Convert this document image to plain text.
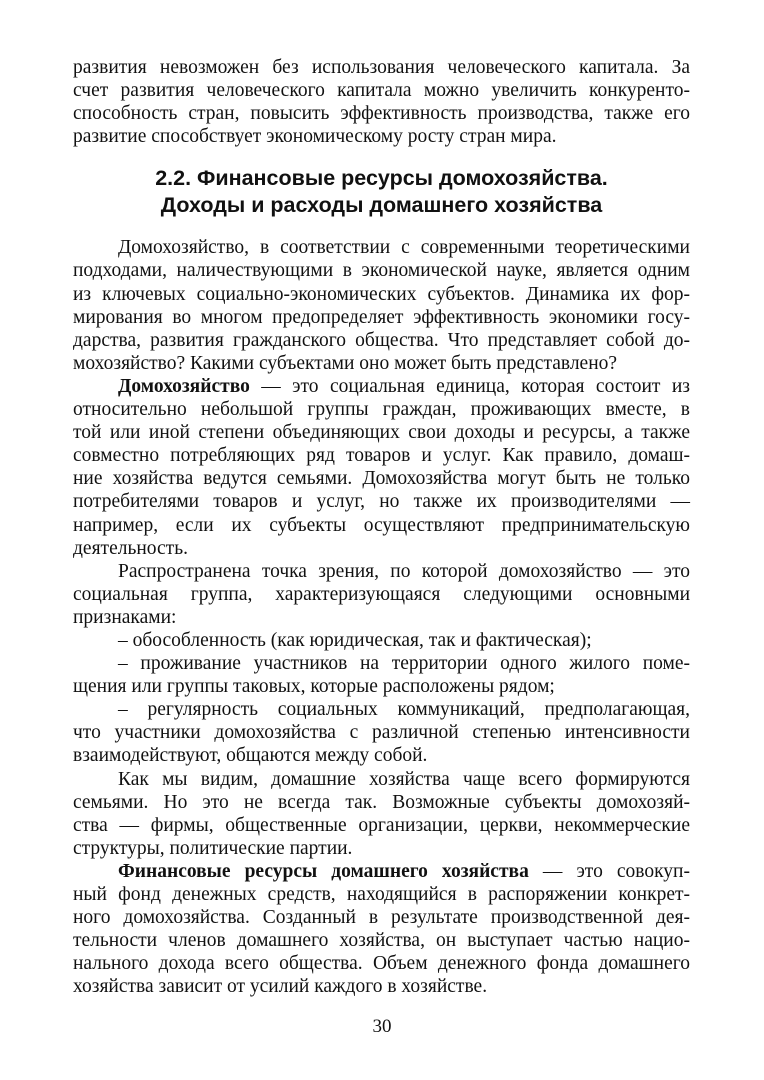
развития невозможен без использования человеческого капитала. За
счет развития человеческого капитала можно увеличить конкуренто-
способность стран, повысить эффективность производства, также его
развитие способствует экономическому росту стран мира.
2.2. Финансовые ресурсы домохозяйства.
Доходы и расходы домашнего хозяйства
Домохозяйство, в соответствии с современными теоретическими
подходами, наличествующими в экономической науке, является одним
из ключевых социально-экономических субъектов. Динамика их фор-
мирования во многом предопределяет эффективность экономики госу-
дарства, развития гражданского общества. Что представляет собой до-
мохозяйство? Какими субъектами оно может быть представлено?
Домохозяйство — это социальная единица, которая состоит из
относительно небольшой группы граждан, проживающих вместе, в
той или иной степени объединяющих свои доходы и ресурсы, а также
совместно потребляющих ряд товаров и услуг. Как правило, домаш-
ние хозяйства ведутся семьями. Домохозяйства могут быть не только
потребителями товаров и услуг, но также их производителями —
например, если их субъекты осуществляют предпринимательскую
деятельность.
Распространена точка зрения, по которой домохозяйство — это
социальная группа, характеризующаяся следующими основными
признаками:
– обособленность (как юридическая, так и фактическая);
– проживание участников на территории одного жилого поме-
щения или группы таковых, которые расположены рядом;
– регулярность социальных коммуникаций, предполагающая,
что участники домохозяйства с различной степенью интенсивности
взаимодействуют, общаются между собой.
Как мы видим, домашние хозяйства чаще всего формируются
семьями. Но это не всегда так. Возможные субъекты домохозяй-
ства — фирмы, общественные организации, церкви, некоммерческие
структуры, политические партии.
Финансовые ресурсы домашнего хозяйства — это совокуп-
ный фонд денежных средств, находящийся в распоряжении конкрет-
ного домохозяйства. Созданный в результате производственной дея-
тельности членов домашнего хозяйства, он выступает частью нацио-
нального дохода всего общества. Объем денежного фонда домашнего
хозяйства зависит от усилий каждого в хозяйстве.
30
